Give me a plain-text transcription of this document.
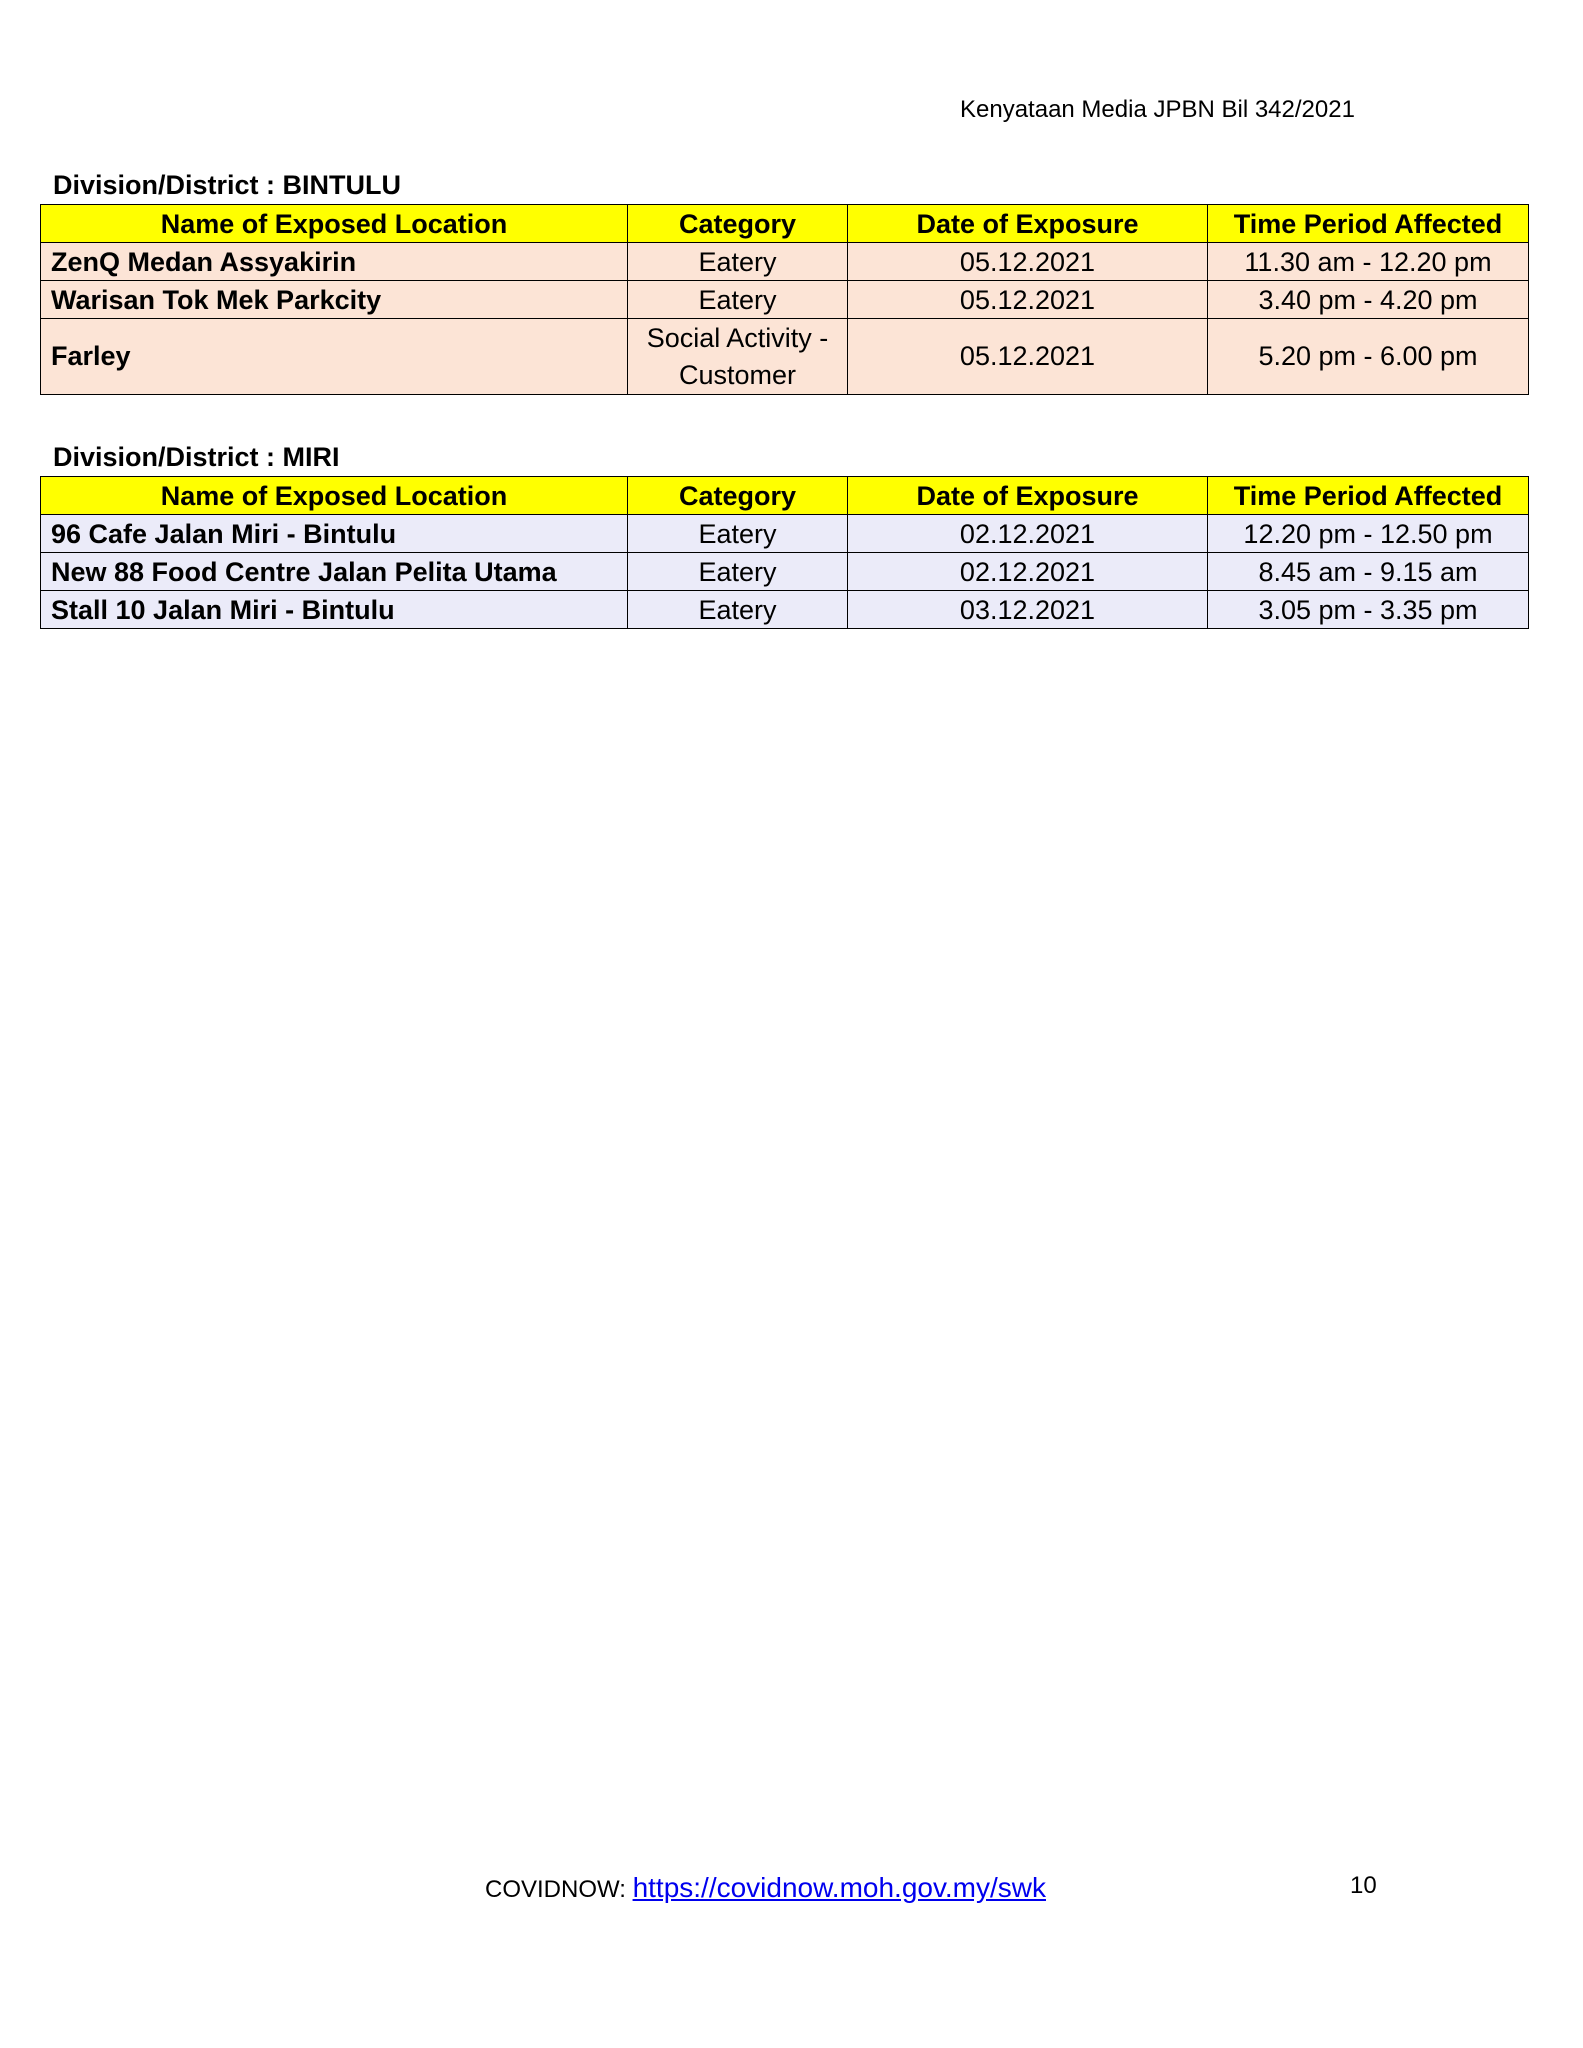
Kenyataan Media JPBN Bil 342/2021
Division/District : BINTULU
Name of Exposed Location	Category	Date of Exposure	Time Period Affected
ZenQ Medan Assyakirin	Eatery	05.12.2021	11.30 am - 12.20 pm
Warisan Tok Mek Parkcity	Eatery	05.12.2021	3.40 pm - 4.20 pm
Farley	Social Activity - Customer	05.12.2021	5.20 pm - 6.00 pm
Division/District : MIRI
Name of Exposed Location	Category	Date of Exposure	Time Period Affected
96 Cafe Jalan Miri - Bintulu	Eatery	02.12.2021	12.20 pm - 12.50 pm
New 88 Food Centre Jalan Pelita Utama	Eatery	02.12.2021	8.45 am - 9.15 am
Stall 10 Jalan Miri - Bintulu	Eatery	03.12.2021	3.05 pm - 3.35 pm
COVIDNOW: https://covidnow.moh.gov.my/swk	10
